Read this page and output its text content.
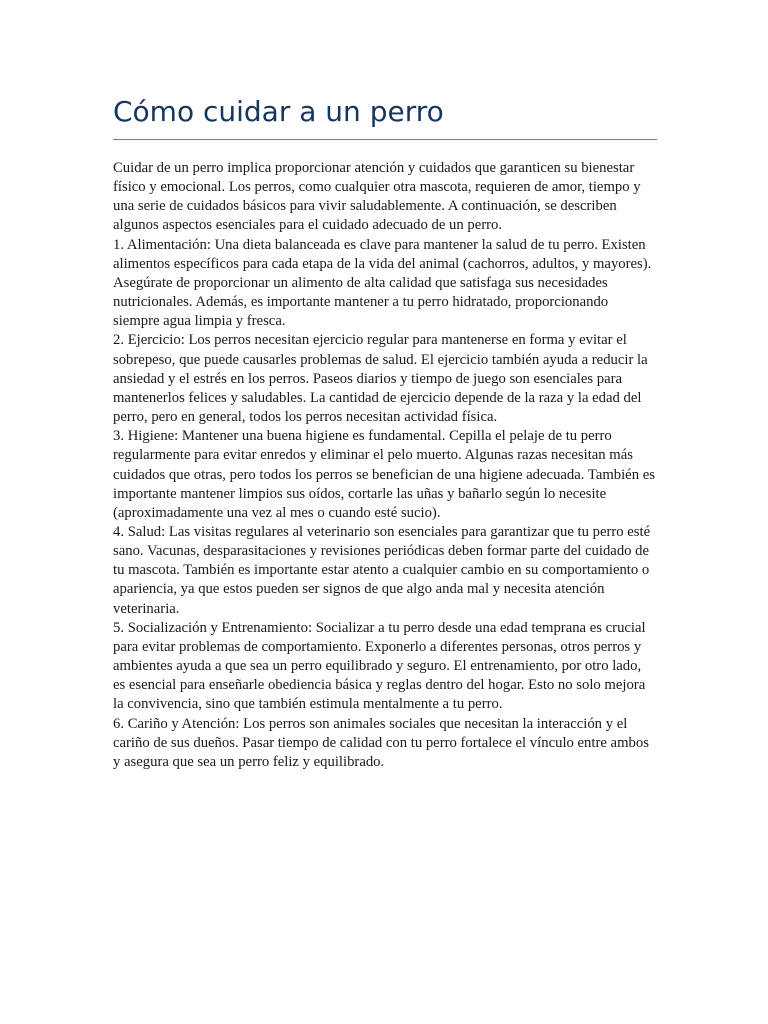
Cómo cuidar a un perro

Cuidar de un perro implica proporcionar atención y cuidados que garanticen su bienestar físico y emocional. Los perros, como cualquier otra mascota, requieren de amor, tiempo y una serie de cuidados básicos para vivir saludablemente. A continuación, se describen algunos aspectos esenciales para el cuidado adecuado de un perro.

1. Alimentación: Una dieta balanceada es clave para mantener la salud de tu perro. Existen alimentos específicos para cada etapa de la vida del animal (cachorros, adultos, y mayores). Asegúrate de proporcionar un alimento de alta calidad que satisfaga sus necesidades nutricionales. Además, es importante mantener a tu perro hidratado, proporcionando siempre agua limpia y fresca.

2. Ejercicio: Los perros necesitan ejercicio regular para mantenerse en forma y evitar el sobrepeso, que puede causarles problemas de salud. El ejercicio también ayuda a reducir la ansiedad y el estrés en los perros. Paseos diarios y tiempo de juego son esenciales para mantenerlos felices y saludables. La cantidad de ejercicio depende de la raza y la edad del perro, pero en general, todos los perros necesitan actividad física.

3. Higiene: Mantener una buena higiene es fundamental. Cepilla el pelaje de tu perro regularmente para evitar enredos y eliminar el pelo muerto. Algunas razas necesitan más cuidados que otras, pero todos los perros se benefician de una higiene adecuada. También es importante mantener limpios sus oídos, cortarle las uñas y bañarlo según lo necesite (aproximadamente una vez al mes o cuando esté sucio).

4. Salud: Las visitas regulares al veterinario son esenciales para garantizar que tu perro esté sano. Vacunas, desparasitaciones y revisiones periódicas deben formar parte del cuidado de tu mascota. También es importante estar atento a cualquier cambio en su comportamiento o apariencia, ya que estos pueden ser signos de que algo anda mal y necesita atención veterinaria.

5. Socialización y Entrenamiento: Socializar a tu perro desde una edad temprana es crucial para evitar problemas de comportamiento. Exponerlo a diferentes personas, otros perros y ambientes ayuda a que sea un perro equilibrado y seguro. El entrenamiento, por otro lado, es esencial para enseñarle obediencia básica y reglas dentro del hogar. Esto no solo mejora la convivencia, sino que también estimula mentalmente a tu perro.

6. Cariño y Atención: Los perros son animales sociales que necesitan la interacción y el cariño de sus dueños. Pasar tiempo de calidad con tu perro fortalece el vínculo entre ambos y asegura que sea un perro feliz y equilibrado.
